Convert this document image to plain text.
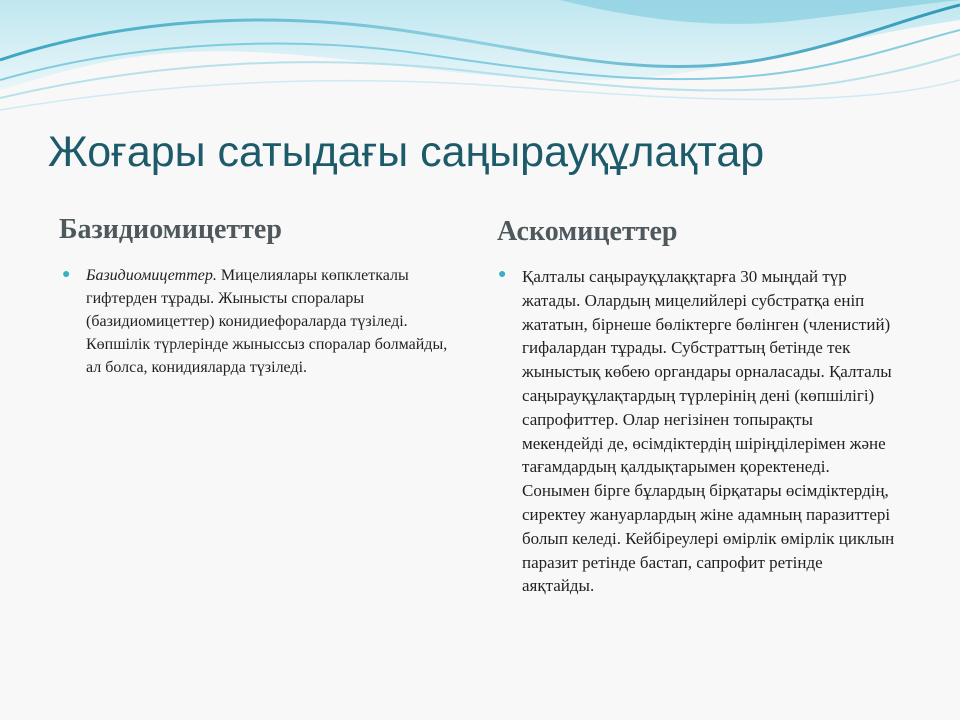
Жоғары сатыдағы саңырауқұлақтар
Базидиомицеттер	Аскомицеттер
● Базидиомицеттер. Мицелиялары көпклеткалы гифтерден тұрады. Жынысты споралары (базидиомицеттер) конидиефораларда түзіледі. Көпшілік түрлерінде жыныссыз споралар болмайды, ал болса, конидияларда түзіледі.
● Қалталы саңырауқұлаққтарға 30 мыңдай түр жатады. Олардың мицелийлері субстратқа еніп жататын, бірнеше бөліктерге бөлінген (членистий) гифалардан тұрады. Субстраттың бетінде тек жыныстық көбею органдары орналасады. Қалталы саңырауқұлақтардың түрлерінің дені (көпшілігі) сапрофиттер. Олар негізінен топырақты мекендейді де, өсімдіктердің шіріңділерімен және тағамдардың қалдықтарымен қоректенеді. Сонымен бірге бұлардың бірқатары өсімдіктердің, сиректеу жануарлардың жіне адамның паразиттері болып келеді. Кейбіреулері өмірлік өмірлік циклын паразит ретінде бастап, сапрофит ретінде аяқтайды.
